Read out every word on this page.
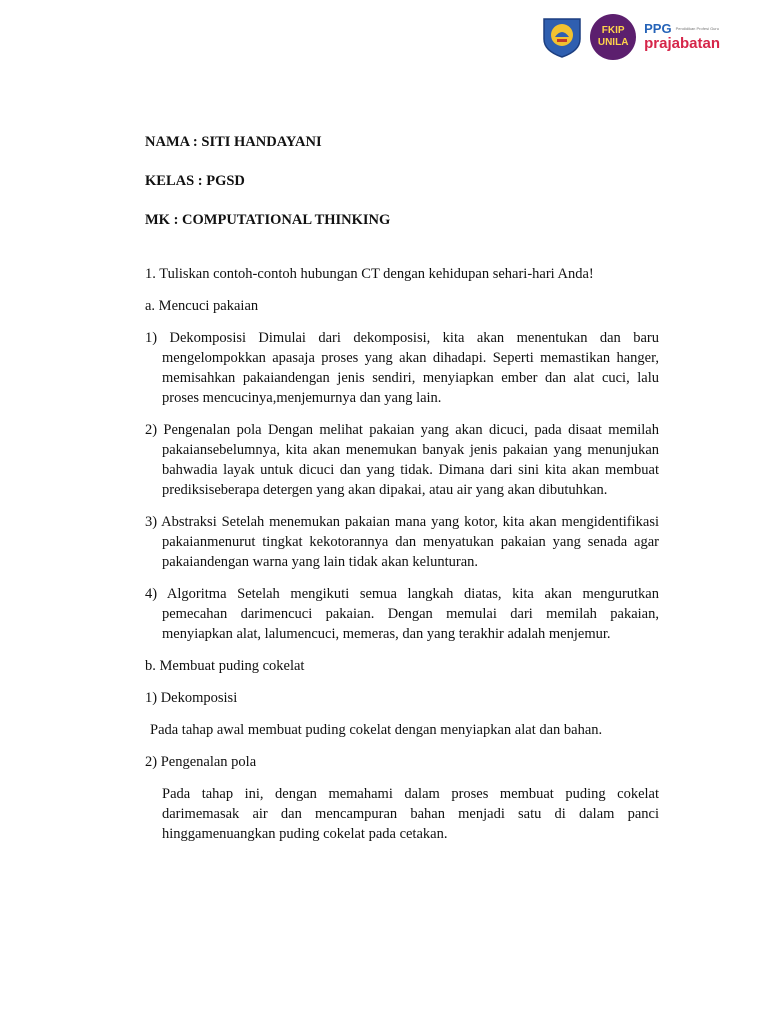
FKIP
UNILA
PPG Pendidikan Profesi Guru
prajabatan
NAMA : SITI HANDAYANI
KELAS : PGSD
MK : COMPUTATIONAL THINKING

1. Tuliskan contoh-contoh hubungan CT dengan kehidupan sehari-hari Anda!

a. Mencuci pakaian

1) Dekomposisi Dimulai dari dekomposisi, kita akan menentukan dan baru mengelompokkan apasaja proses yang akan dihadapi. Seperti memastikan hanger, memisahkan pakaiandengan jenis sendiri, menyiapkan ember dan alat cuci, lalu proses mencucinya,menjemurnya dan yang lain.

2) Pengenalan pola Dengan melihat pakaian yang akan dicuci, pada disaat memilah pakaiansebelumnya, kita akan menemukan banyak jenis pakaian yang menunjukan bahwadia layak untuk dicuci dan yang tidak. Dimana dari sini kita akan membuat prediksiseberapa detergen yang akan dipakai, atau air yang akan dibutuhkan.

3) Abstraksi Setelah menemukan pakaian mana yang kotor, kita akan mengidentifikasi pakaianmenurut tingkat kekotorannya dan menyatukan pakaian yang senada agar pakaiandengan warna yang lain tidak akan kelunturan.

4) Algoritma Setelah mengikuti semua langkah diatas, kita akan mengurutkan pemecahan darimencuci pakaian. Dengan memulai dari memilah pakaian, menyiapkan alat, lalumencuci, memeras, dan yang terakhir adalah menjemur.

b. Membuat puding cokelat

1) Dekomposisi

Pada tahap awal membuat puding cokelat dengan menyiapkan alat dan bahan.

2) Pengenalan pola

Pada tahap ini, dengan memahami dalam proses membuat puding cokelat darimemasak air dan mencampuran bahan menjadi satu di dalam panci hinggamenuangkan puding cokelat pada cetakan.
